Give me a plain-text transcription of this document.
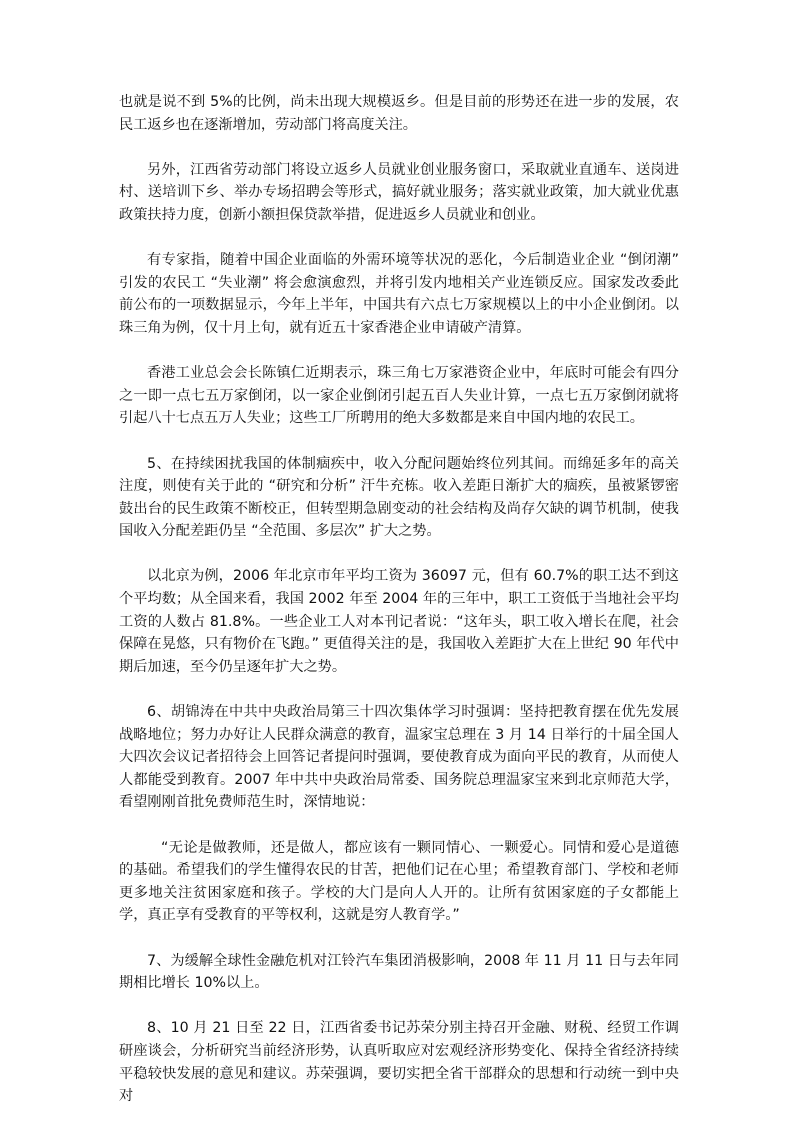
也就是说不到 5%的比例，尚未出现大规模返乡。但是目前的形势还在进一步的发展，农民工返乡也在逐渐增加，劳动部门将高度关注。

另外，江西省劳动部门将设立返乡人员就业创业服务窗口，采取就业直通车、送岗进村、送培训下乡、举办专场招聘会等形式，搞好就业服务；落实就业政策，加大就业优惠政策扶持力度，创新小额担保贷款举措，促进返乡人员就业和创业。

有专家指，随着中国企业面临的外需环境等状况的恶化，今后制造业企业 “倒闭潮” 引发的农民工 “失业潮” 将会愈演愈烈，并将引发内地相关产业连锁反应。国家发改委此前公布的一项数据显示，今年上半年，中国共有六点七万家规模以上的中小企业倒闭。以珠三角为例，仅十月上旬，就有近五十家香港企业申请破产清算。

香港工业总会会长陈镇仁近期表示，珠三角七万家港资企业中，年底时可能会有四分之一即一点七五万家倒闭，以一家企业倒闭引起五百人失业计算，一点七五万家倒闭就将引起八十七点五万人失业；这些工厂所聘用的绝大多数都是来自中国内地的农民工。

5、在持续困扰我国的体制痼疾中，收入分配问题始终位列其间。而绵延多年的高关注度，则使有关于此的 “研究和分析” 汗牛充栋。收入差距日渐扩大的痼疾，虽被紧锣密鼓出台的民生政策不断校正，但转型期急剧变动的社会结构及尚存欠缺的调节机制，使我国收入分配差距仍呈 “全范围、多层次” 扩大之势。

以北京为例，2006 年北京市年平均工资为 36097 元，但有 60.7%的职工达不到这个平均数；从全国来看，我国 2002 年至 2004 年的三年中，职工工资低于当地社会平均工资的人数占 81.8%。一些企业工人对本刊记者说：“这年头，职工收入增长在爬，社会保障在晃悠，只有物价在飞跑。” 更值得关注的是，我国收入差距扩大在上世纪 90 年代中期后加速，至今仍呈逐年扩大之势。

6、胡锦涛在中共中央政治局第三十四次集体学习时强调：坚持把教育摆在优先发展战略地位；努力办好让人民群众满意的教育，温家宝总理在 3 月 14 日举行的十届全国人大四次会议记者招待会上回答记者提问时强调，要使教育成为面向平民的教育，从而使人人都能受到教育。2007 年中共中央政治局常委、国务院总理温家宝来到北京师范大学，看望刚刚首批免费师范生时，深情地说：

“无论是做教师，还是做人，都应该有一颗同情心、一颗爱心。同情和爱心是道德的基础。希望我们的学生懂得农民的甘苦，把他们记在心里；希望教育部门、学校和老师更多地关注贫困家庭和孩子。学校的大门是向人人开的。让所有贫困家庭的子女都能上学，真正享有受教育的平等权利，这就是穷人教育学。”

7、为缓解全球性金融危机对江铃汽车集团消极影响，2008 年 11 月 11 日与去年同期相比增长 10%以上。

8、10 月 21 日至 22 日，江西省委书记苏荣分别主持召开金融、财税、经贸工作调研座谈会，分析研究当前经济形势，认真听取应对宏观经济形势变化、保持全省经济持续平稳较快发展的意见和建议。苏荣强调，要切实把全省干部群众的思想和行动统一到中央对
